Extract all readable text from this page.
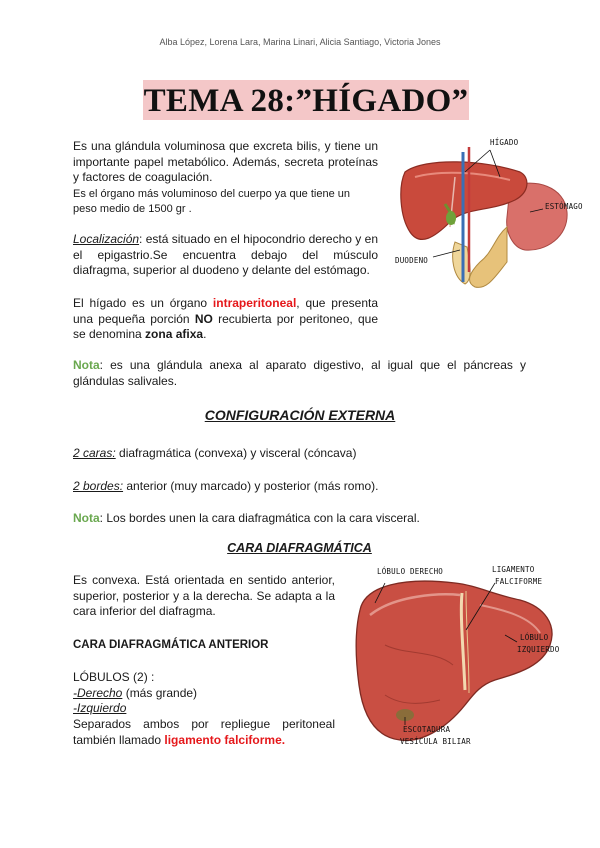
Alba López, Lorena Lara, Marina Linari, Alicia Santiago, Victoria Jones
TEMA 28:”HÍGADO”
Es una glándula voluminosa que excreta bilis, y tiene un importante papel metabólico. Además, secreta proteínas y factores de coagulación.
Es el órgano más voluminoso del cuerpo ya que tiene un peso medio de 1500 gr .
Localización: está situado en el hipocondrio derecho y en el epigastrio.Se encuentra debajo del músculo diafragma, superior al duodeno y delante del estómago.
El hígado es un órgano intraperitoneal, que presenta una pequeña porción NO recubierta por peritoneo, que se denomina zona afixa.
HÍGADO
ESTÓMAGO
DUODENO
Nota: es una glándula anexa al aparato digestivo, al igual que el páncreas y glándulas salivales.
CONFIGURACIÓN EXTERNA
2 caras: diafragmática (convexa) y visceral (cóncava)
2 bordes: anterior (muy marcado) y posterior (más romo).
Nota: Los bordes unen la cara diafragmática con la cara visceral.
CARA DIAFRAGMÁTICA
Es convexa. Está orientada en sentido anterior, superior, posterior y a la derecha. Se adapta a la cara inferior del diafragma.
CARA DIAFRAGMÁTICA ANTERIOR
LÓBULOS (2) :
-Derecho (más grande)
-Izquierdo
Separados ambos por repliegue peritoneal también llamado ligamento falciforme.
LÓBULO DERECHO	LIGAMENTO
FALCIFORME
LÓBULO
IZQUIERDO
ESCOTADURA
VESÍCULA BILIAR
